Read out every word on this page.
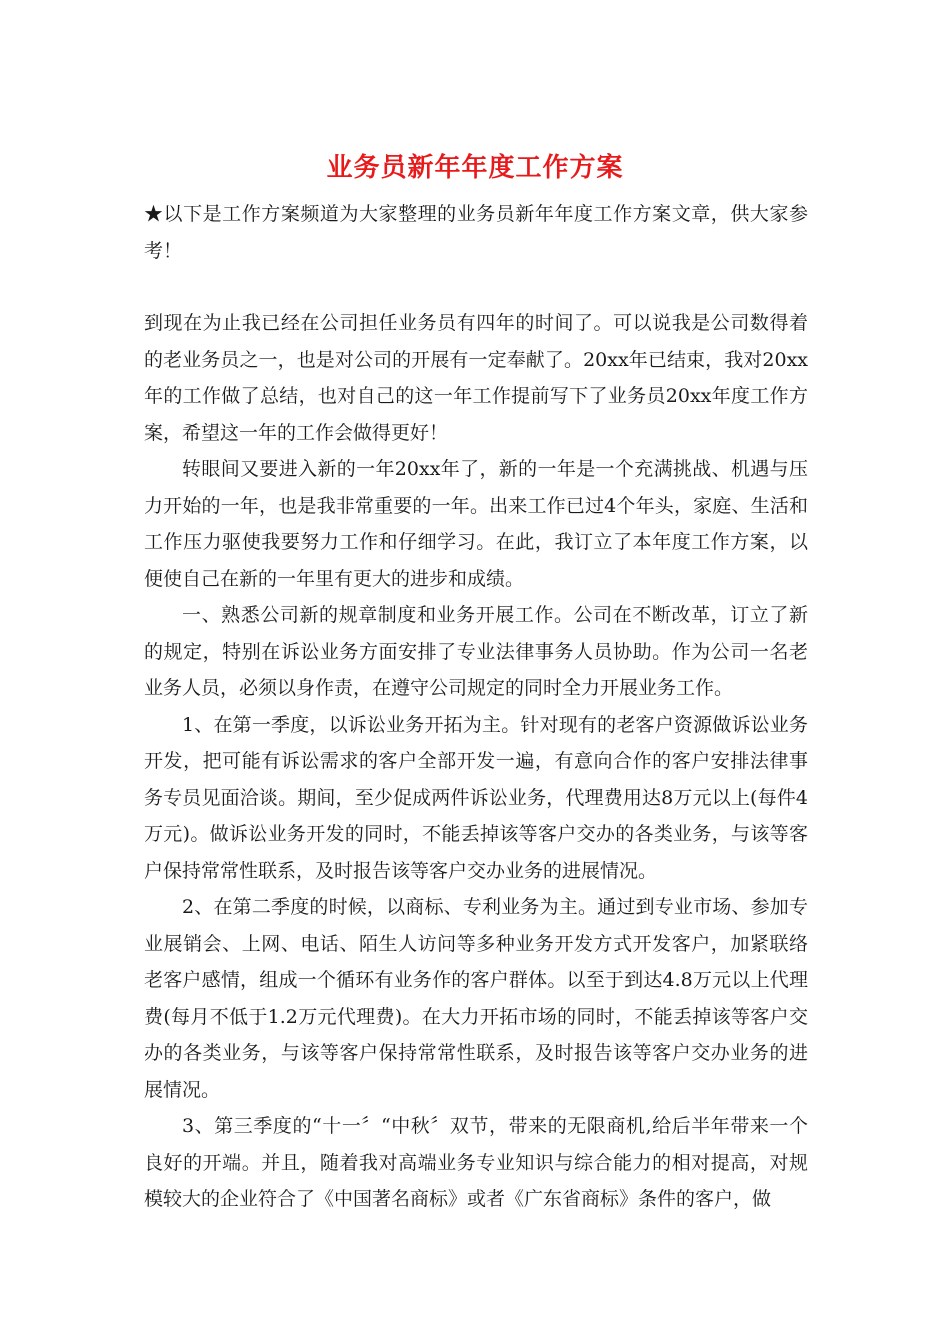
业务员新年年度工作方案

★以下是工作方案频道为大家整理的业务员新年年度工作方案文章，供大家参考！

到现在为止我已经在公司担任业务员有四年的时间了。可以说我是公司数得着的老业务员之一，也是对公司的开展有一定奉献了。20xx年已结束，我对20xx年的工作做了总结，也对自己的这一年工作提前写下了业务员20xx年度工作方案，希望这一年的工作会做得更好！

转眼间又要进入新的一年20xx年了，新的一年是一个充满挑战、机遇与压力开始的一年，也是我非常重要的一年。出来工作已过4个年头，家庭、生活和工作压力驱使我要努力工作和仔细学习。在此，我订立了本年度工作方案，以便使自己在新的一年里有更大的进步和成绩。

一、熟悉公司新的规章制度和业务开展工作。公司在不断改革，订立了新的规定，特别在诉讼业务方面安排了专业法律事务人员协助。作为公司一名老业务人员，必须以身作责，在遵守公司规定的同时全力开展业务工作。

1、在第一季度，以诉讼业务开拓为主。针对现有的老客户资源做诉讼业务开发，把可能有诉讼需求的客户全部开发一遍，有意向合作的客户安排法律事务专员见面洽谈。期间，至少促成两件诉讼业务，代理费用达8万元以上(每件4万元)。做诉讼业务开发的同时，不能丢掉该等客户交办的各类业务，与该等客户保持常常性联系，及时报告该等客户交办业务的进展情况。

2、在第二季度的时候，以商标、专利业务为主。通过到专业市场、参加专业展销会、上网、电话、陌生人访问等多种业务开发方式开发客户，加紧联络老客户感情，组成一个循环有业务作的客户群体。以至于到达4.8万元以上代理费(每月不低于1.2万元代理费)。在大力开拓市场的同时，不能丢掉该等客户交办的各类业务，与该等客户保持常常性联系，及时报告该等客户交办业务的进展情况。

3、第三季度的“十一〞“中秋〞双节，带来的无限商机,给后半年带来一个良好的开端。并且，随着我对高端业务专业知识与综合能力的相对提高，对规模较大的企业符合了《中国著名商标》或者《广东省商标》条件的客户，做
